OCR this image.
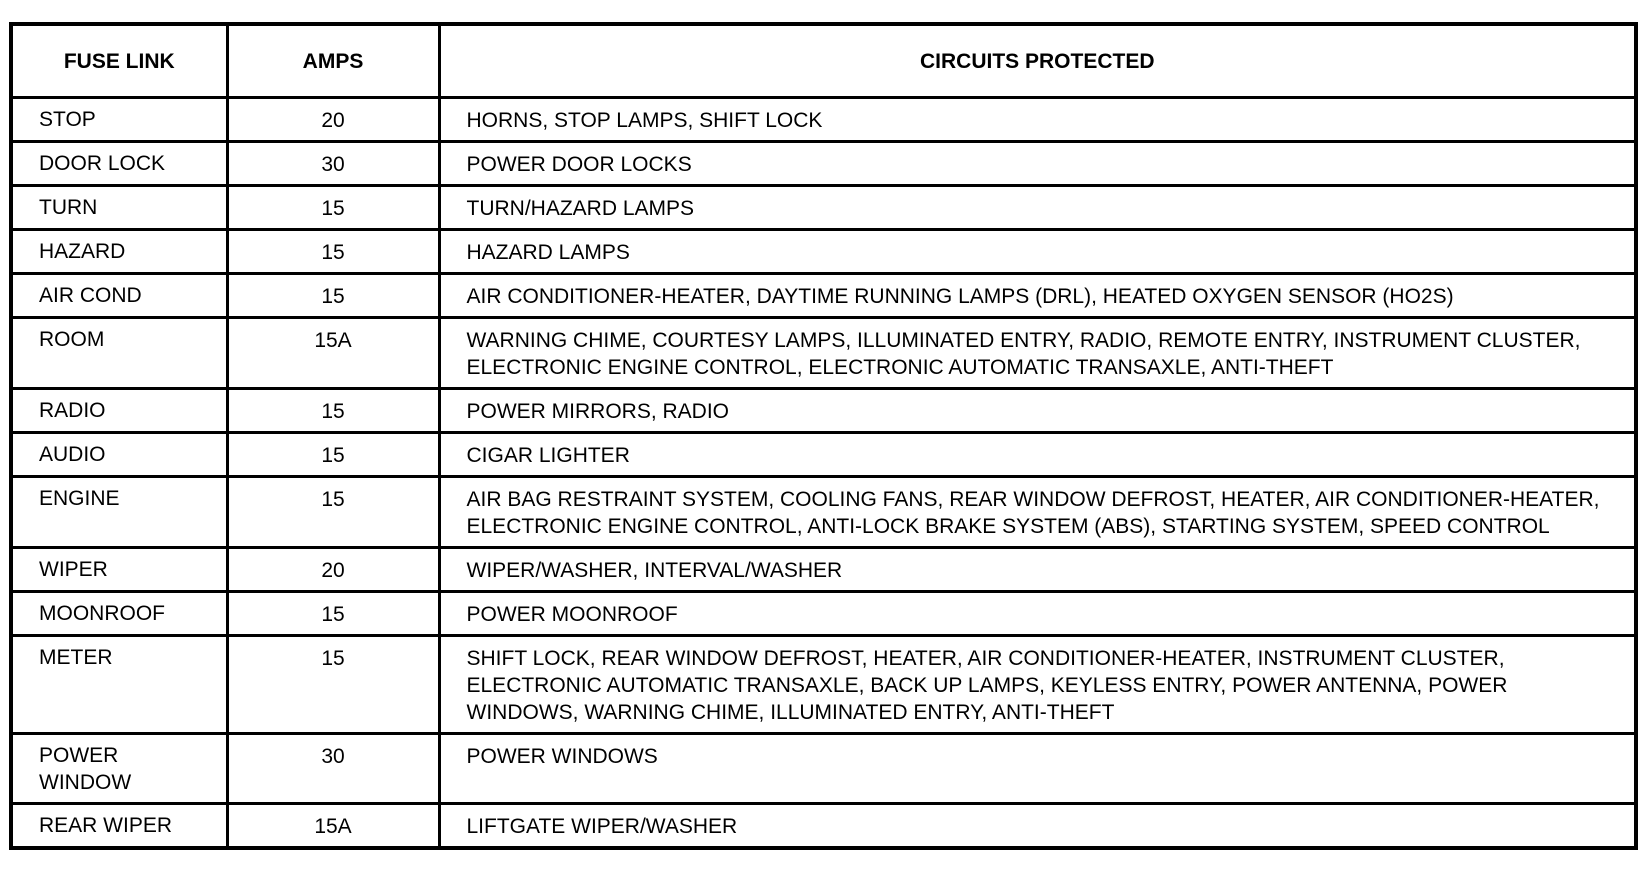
FUSE LINK	AMPS	CIRCUITS PROTECTED
STOP	20	HORNS, STOP LAMPS, SHIFT LOCK
DOOR LOCK	30	POWER DOOR LOCKS
TURN	15	TURN/HAZARD LAMPS
HAZARD	15	HAZARD LAMPS
AIR COND	15	AIR CONDITIONER-HEATER, DAYTIME RUNNING LAMPS (DRL), HEATED OXYGEN SENSOR (HO2S)
ROOM	15A	WARNING CHIME, COURTESY LAMPS, ILLUMINATED ENTRY, RADIO, REMOTE ENTRY, INSTRUMENT CLUSTER, ELECTRONIC ENGINE CONTROL, ELECTRONIC AUTOMATIC TRANSAXLE, ANTI-THEFT
RADIO	15	POWER MIRRORS, RADIO
AUDIO	15	CIGAR LIGHTER
ENGINE	15	AIR BAG RESTRAINT SYSTEM, COOLING FANS, REAR WINDOW DEFROST, HEATER, AIR CONDITIONER-HEATER, ELECTRONIC ENGINE CONTROL, ANTI-LOCK BRAKE SYSTEM (ABS), STARTING SYSTEM, SPEED CONTROL
WIPER	20	WIPER/WASHER, INTERVAL/WASHER
MOONROOF	15	POWER MOONROOF
METER	15	SHIFT LOCK, REAR WINDOW DEFROST, HEATER, AIR CONDITIONER-HEATER, INSTRUMENT CLUSTER, ELECTRONIC AUTOMATIC TRANSAXLE, BACK UP LAMPS, KEYLESS ENTRY, POWER ANTENNA, POWER WINDOWS, WARNING CHIME, ILLUMINATED ENTRY, ANTI-THEFT
POWER WINDOW	30	POWER WINDOWS
REAR WIPER	15A	LIFTGATE WIPER/WASHER
